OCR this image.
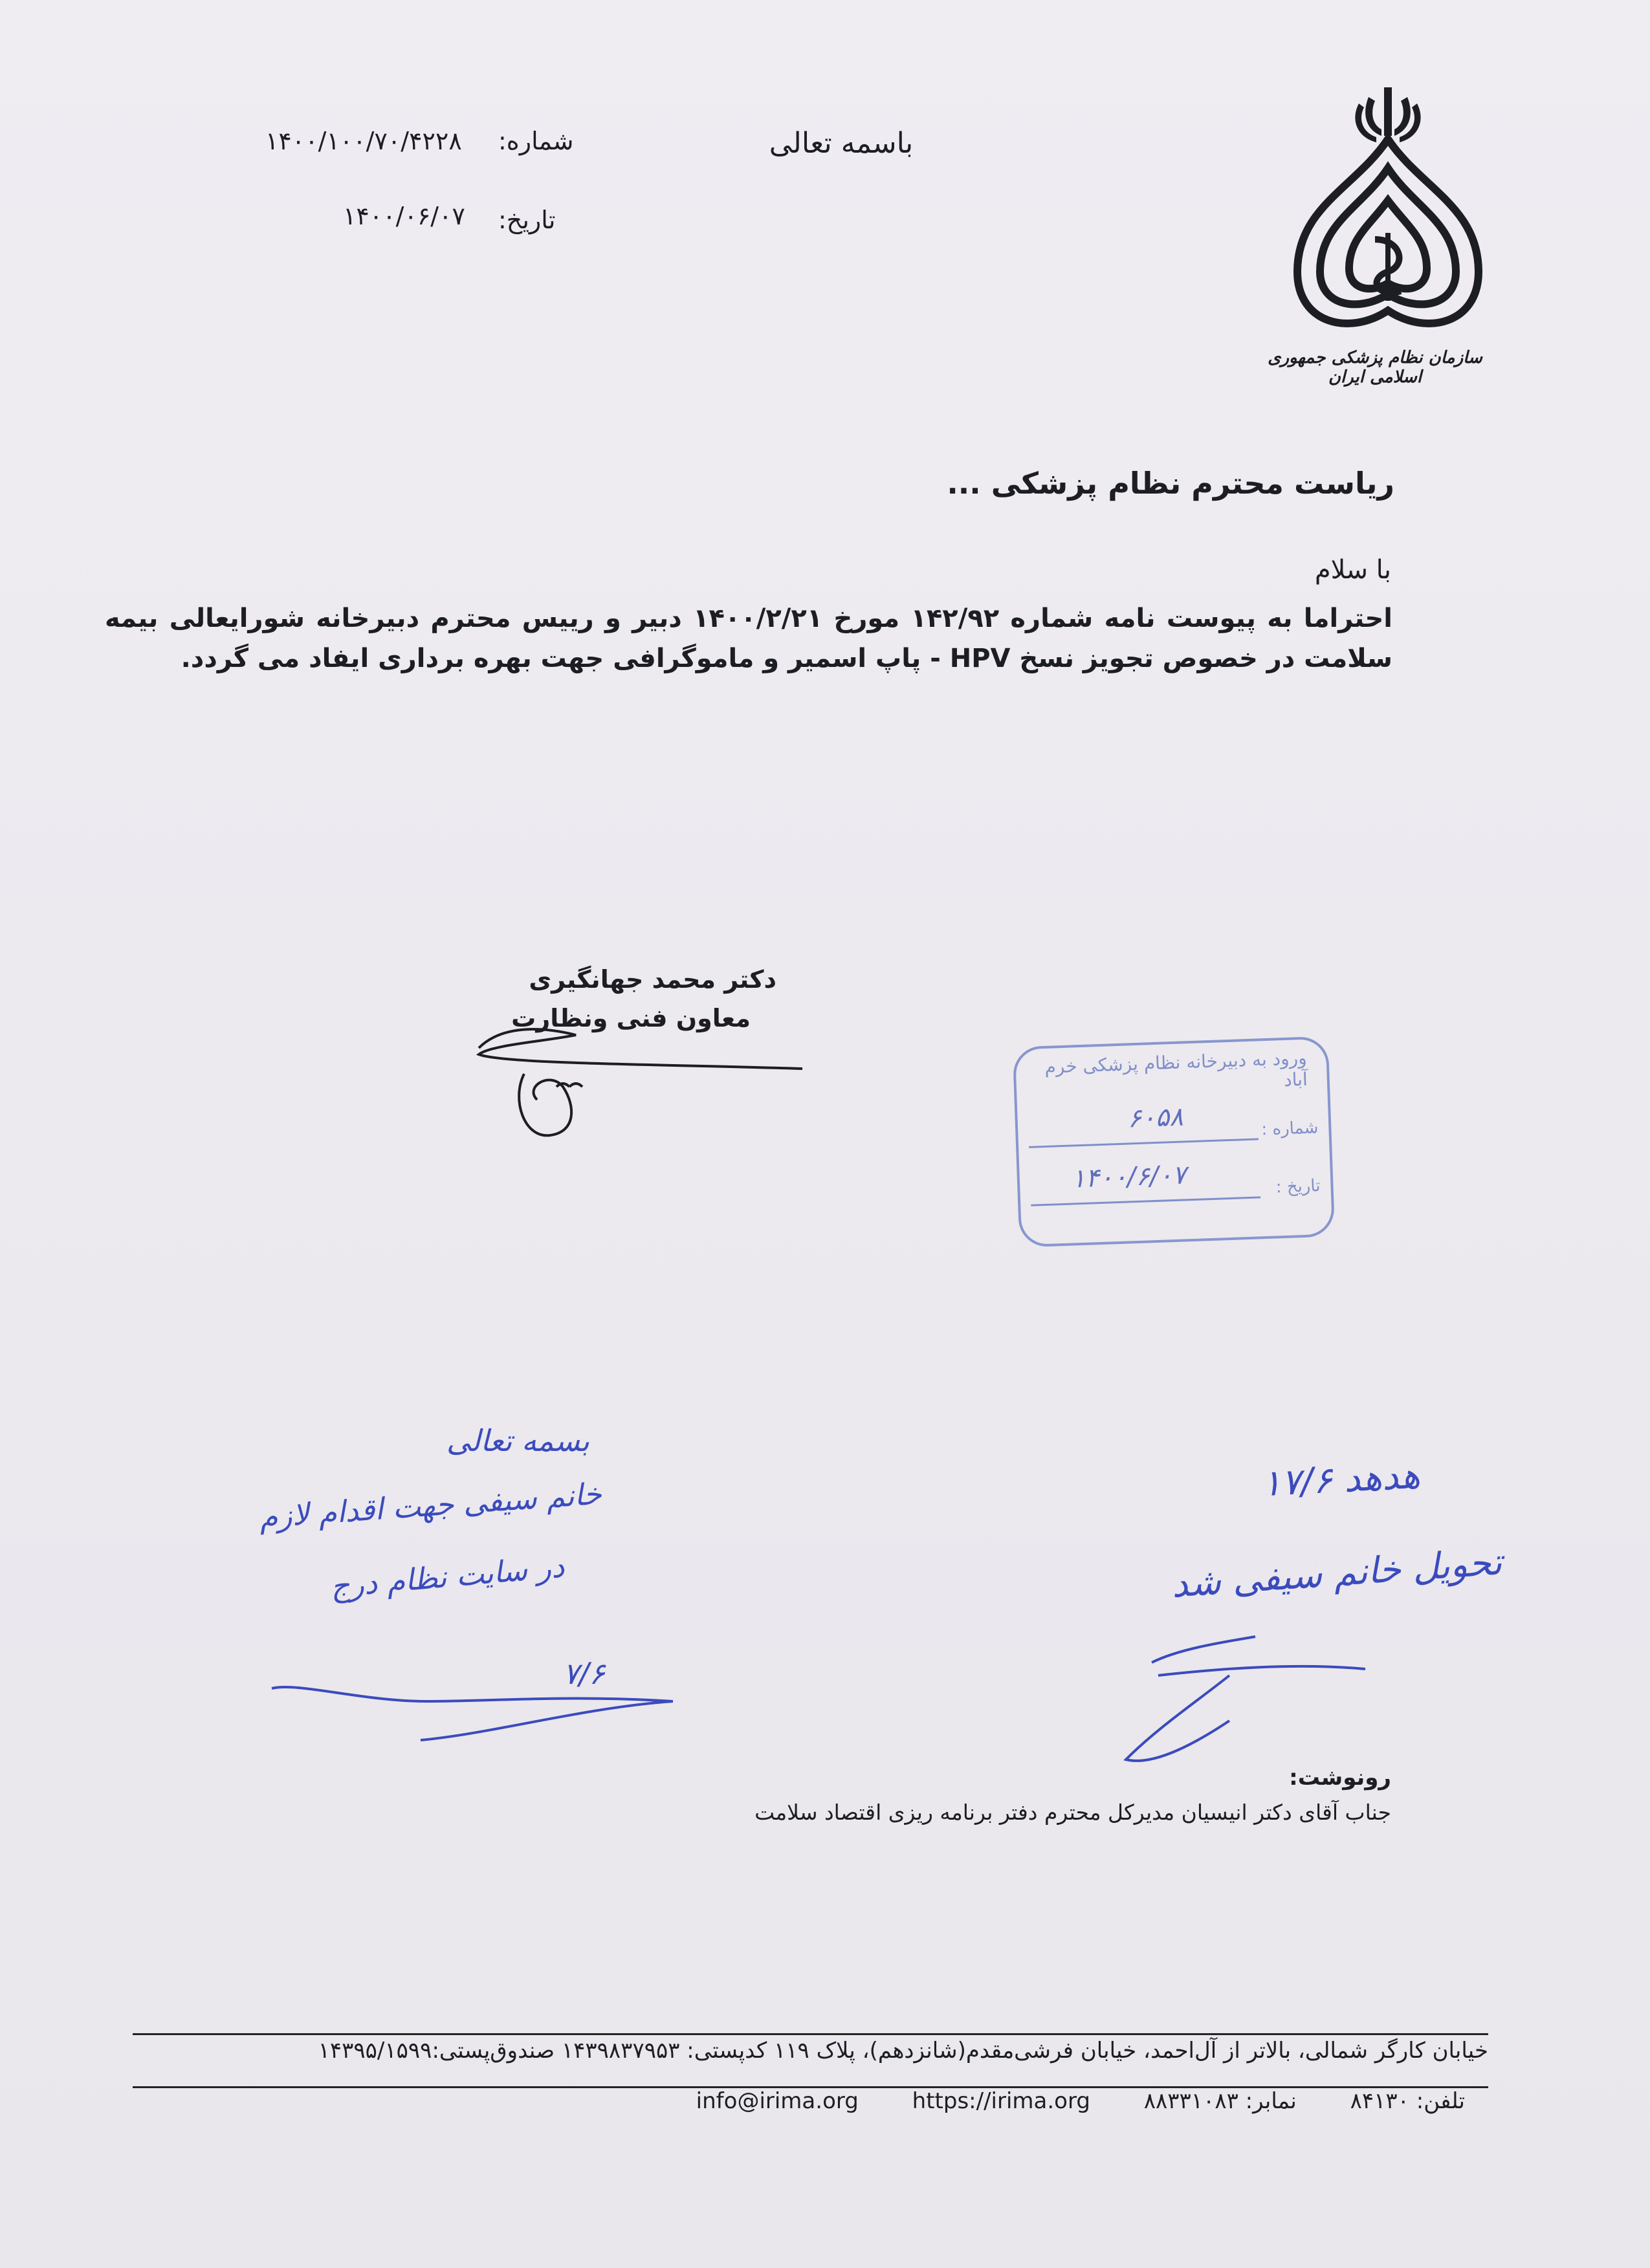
باسمه تعالی
شماره:
۱۴۰۰/۱۰۰/۷۰/۴۲۲۸
تاریخ:
۱۴۰۰/۰۶/۰۷
سازمان نظام پزشکی جمهوری اسلامی ایران
ریاست محترم نظام پزشکی ...
با سلام
احتراما به پیوست نامه شماره ۱۴۲/۹۲ مورخ ۱۴۰۰/۲/۲۱ دبیر و رییس محترم دبیرخانه شورایعالی بیمه سلامت در خصوص تجویز نسخ HPV - پاپ اسمیر و ماموگرافی جهت بهره برداری ایفاد می گردد.
دکتر محمد جهانگیری
معاون فنی ونظارت
ورود به دبیرخانه نظام پزشکی خرم آباد
شماره :
۶۰۵۸
تاریخ :
۱۴۰۰/۶/۰۷
بسمه تعالی
خانم سیفی جهت اقدام لازم
در سایت نظام درج
۷/۶
هدهد ۱۷/۶
تحویل خانم سیفی شد
رونوشت:
جناب آقای دکتر انیسیان مدیرکل محترم دفتر برنامه ریزی اقتصاد سلامت
خیابان کارگر شمالی، بالاتر از آل‌احمد، خیابان فرشی‌مقدم(شانزدهم)، پلاک ۱۱۹ کدپستی: ۱۴۳۹۸۳۷۹۵۳ صندوق‌پستی:۱۴۳۹۵/۱۵۹۹
info@irima.org https://irima.org نمابر: ۸۸۳۳۱۰۸۳ تلفن: ۸۴۱۳۰
